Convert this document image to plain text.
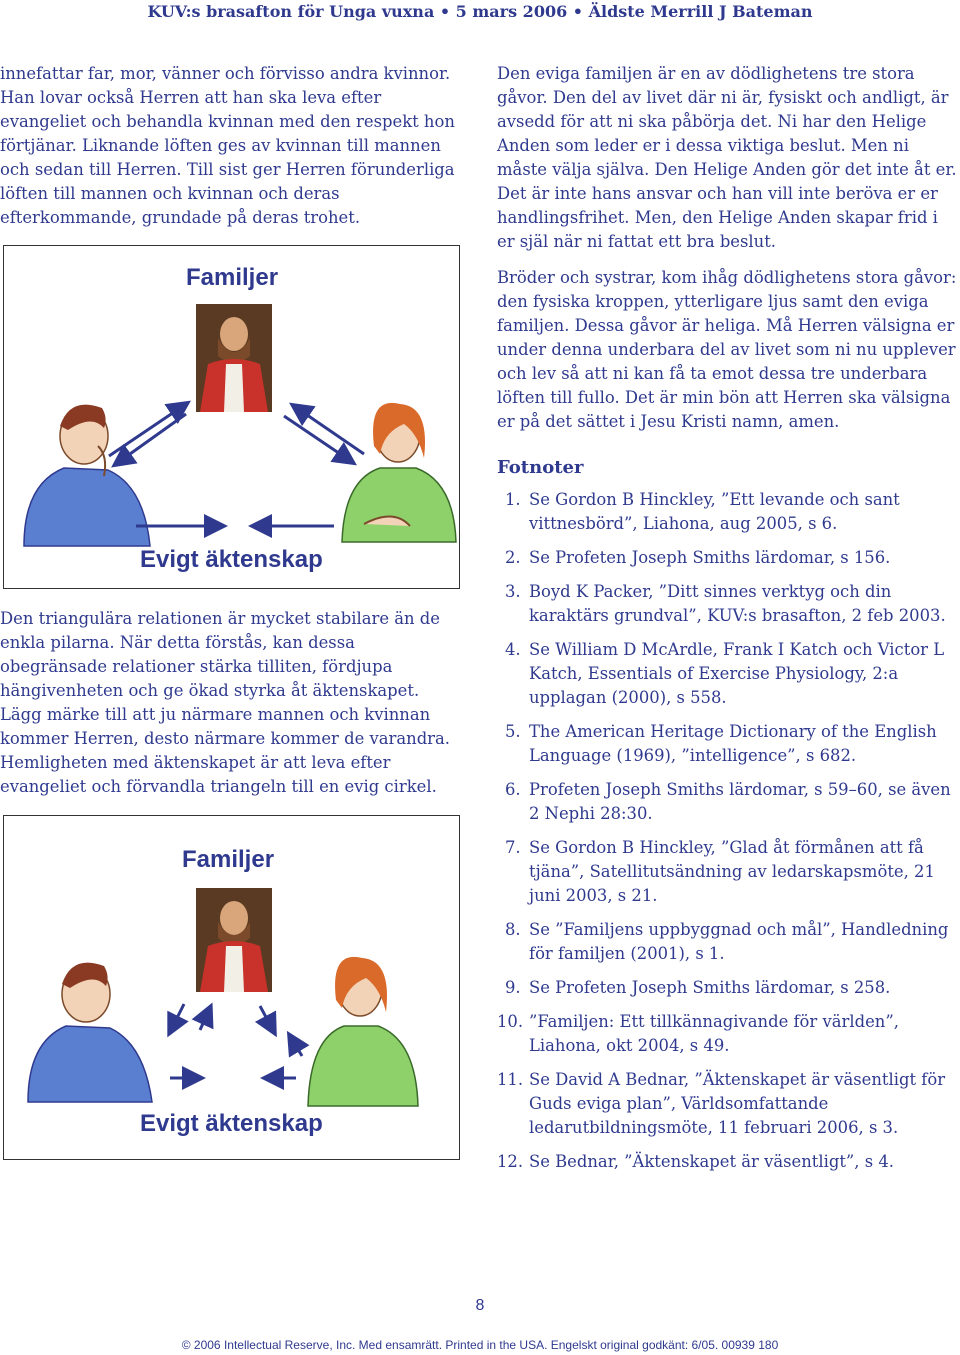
KUV:s brasafton för Unga vuxna • 5 mars 2006 • Äldste Merrill J Bateman

innefattar far, mor, vänner och förvisso andra kvinnor. Han lovar också Herren att han ska leva efter evangeliet och behandla kvinnan med den respekt hon förtjänar. Liknande löften ges av kvinnan till mannen och sedan till Herren. Till sist ger Herren förunderliga löften till mannen och kvinnan och deras efterkommande, grundade på deras trohet.

Familjer
Evigt äktenskap
Den triangulära relationen är mycket stabilare än de enkla pilarna. När detta förstås, kan dessa obegränsade relationer stärka tilliten, fördjupa hängivenheten och ge ökad styrka åt äktenskapet. Lägg märke till att ju närmare mannen och kvinnan kommer Herren, desto närmare kommer de varandra. Hemligheten med äktenskapet är att leva efter evangeliet och förvandla triangeln till en evig cirkel.
Familjer
Evigt äktenskap

Den eviga familjen är en av dödlighetens tre stora gåvor. Den del av livet där ni är, fysiskt och andligt, är avsedd för att ni ska påbörja det. Ni har den Helige Anden som leder er i dessa viktiga beslut. Men ni måste välja själva. Den Helige Anden gör det inte åt er. Det är inte hans ansvar och han vill inte beröva er er handlingsfrihet. Men, den Helige Anden skapar frid i er själ när ni fattat ett bra beslut.

Bröder och systrar, kom ihåg dödlighetens stora gåvor: den fysiska kroppen, ytterligare ljus samt den eviga familjen. Dessa gåvor är heliga. Må Herren välsigna er under denna underbara del av livet som ni nu upplever och lev så att ni kan få ta emot dessa tre underbara löften till fullo. Det är min bön att Herren ska välsigna er på det sättet i Jesu Kristi namn, amen.

Fotnoter
1. Se Gordon B Hinckley, ”Ett levande och sant vittnesbörd”, Liahona, aug 2005, s 6.
2. Se Profeten Joseph Smiths lärdomar, s 156.
3. Boyd K Packer, ”Ditt sinnes verktyg och din karaktärs grundval”, KUV:s brasafton, 2 feb 2003.
4. Se William D McArdle, Frank I Katch och Victor L Katch, Essentials of Exercise Physiology, 2:a upplagan (2000), s 558.
5. The American Heritage Dictionary of the English Language (1969), ”intelligence”, s 682.
6. Profeten Joseph Smiths lärdomar, s 59–60, se även 2 Nephi 28:30.
7. Se Gordon B Hinckley, ”Glad åt förmånen att få tjäna”, Satellitutsändning av ledarskapsmöte, 21 juni 2003, s 21.
8. Se ”Familjens uppbyggnad och mål”, Handledning för familjen (2001), s 1.
9. Se Profeten Joseph Smiths lärdomar, s 258.
10. ”Familjen: Ett tillkännagivande för världen”, Liahona, okt 2004, s 49.
11. Se David A Bednar, ”Äktenskapet är väsentligt för Guds eviga plan”, Världsomfattande ledarutbildningsmöte, 11 februari 2006, s 3.
12. Se Bednar, ”Äktenskapet är väsentligt”, s 4.
8
© 2006 Intellectual Reserve, Inc. Med ensamrätt. Printed in the USA. Engelskt original godkänt: 6/05. 00939 180
